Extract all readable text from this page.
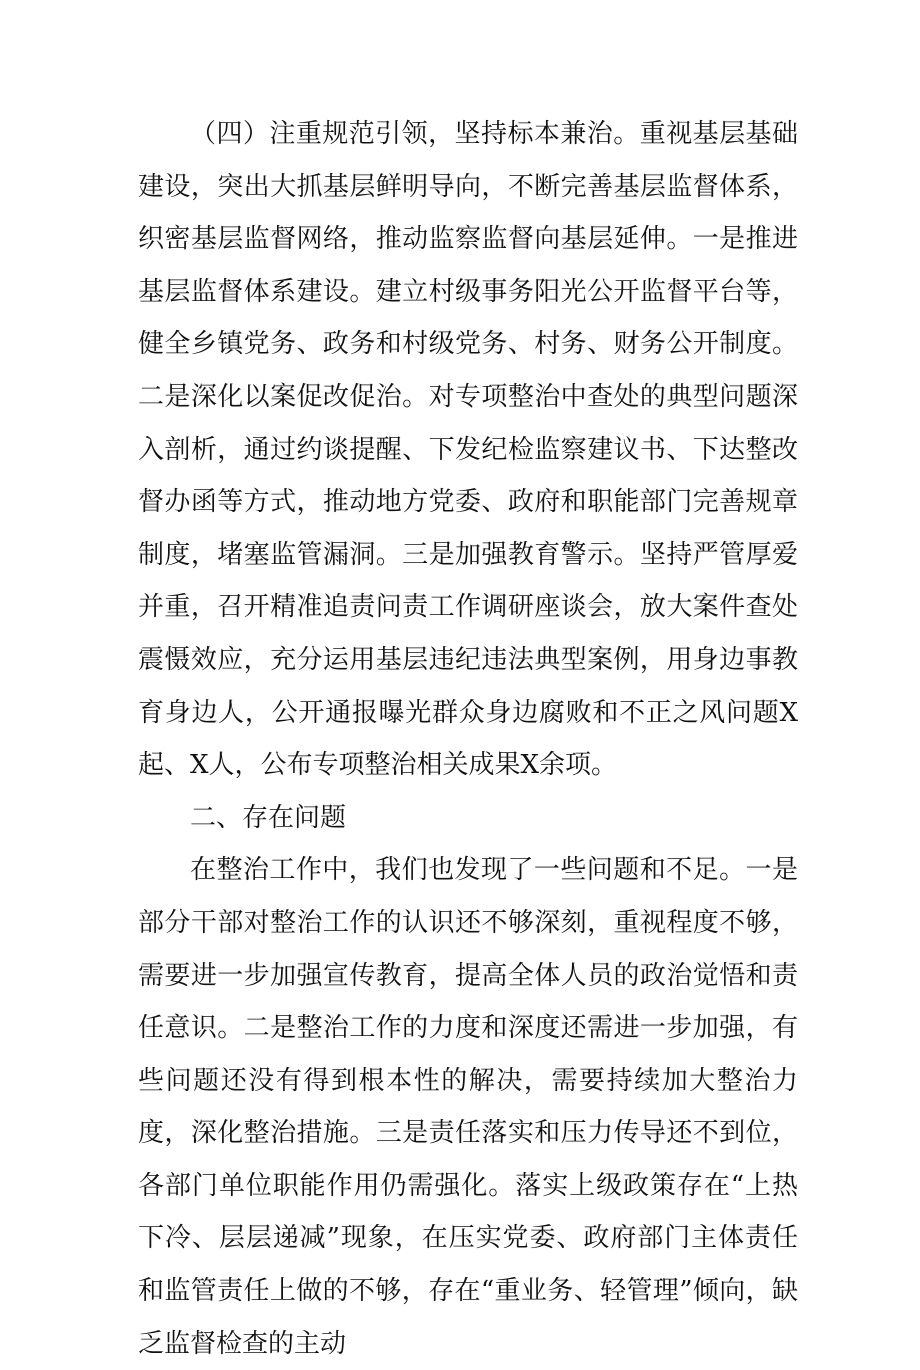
（四）注重规范引领，坚持标本兼治。重视基层基础建设，突出大抓基层鲜明导向，不断完善基层监督体系，织密基层监督网络，推动监察监督向基层延伸。一是推进基层监督体系建设。建立村级事务阳光公开监督平台等，健全乡镇党务、政务和村级党务、村务、财务公开制度。二是深化以案促改促治。对专项整治中查处的典型问题深入剖析，通过约谈提醒、下发纪检监察建议书、下达整改督办函等方式，推动地方党委、政府和职能部门完善规章制度，堵塞监管漏洞。三是加强教育警示。坚持严管厚爱并重，召开精准追责问责工作调研座谈会，放大案件查处震慑效应，充分运用基层违纪违法典型案例，用身边事教育身边人，公开通报曝光群众身边腐败和不正之风问题X起、X人，公布专项整治相关成果X余项。

二、存在问题

在整治工作中，我们也发现了一些问题和不足。一是部分干部对整治工作的认识还不够深刻，重视程度不够，需要进一步加强宣传教育，提高全体人员的政治觉悟和责任意识。二是整治工作的力度和深度还需进一步加强，有些问题还没有得到根本性的解决，需要持续加大整治力度，深化整治措施。三是责任落实和压力传导还不到位，各部门单位职能作用仍需强化。落实上级政策存在“上热下冷、层层递减”现象，在压实党委、政府部门主体责任和监管责任上做的不够，存在“重业务、轻管理”倾向，缺乏监督检查的主动
